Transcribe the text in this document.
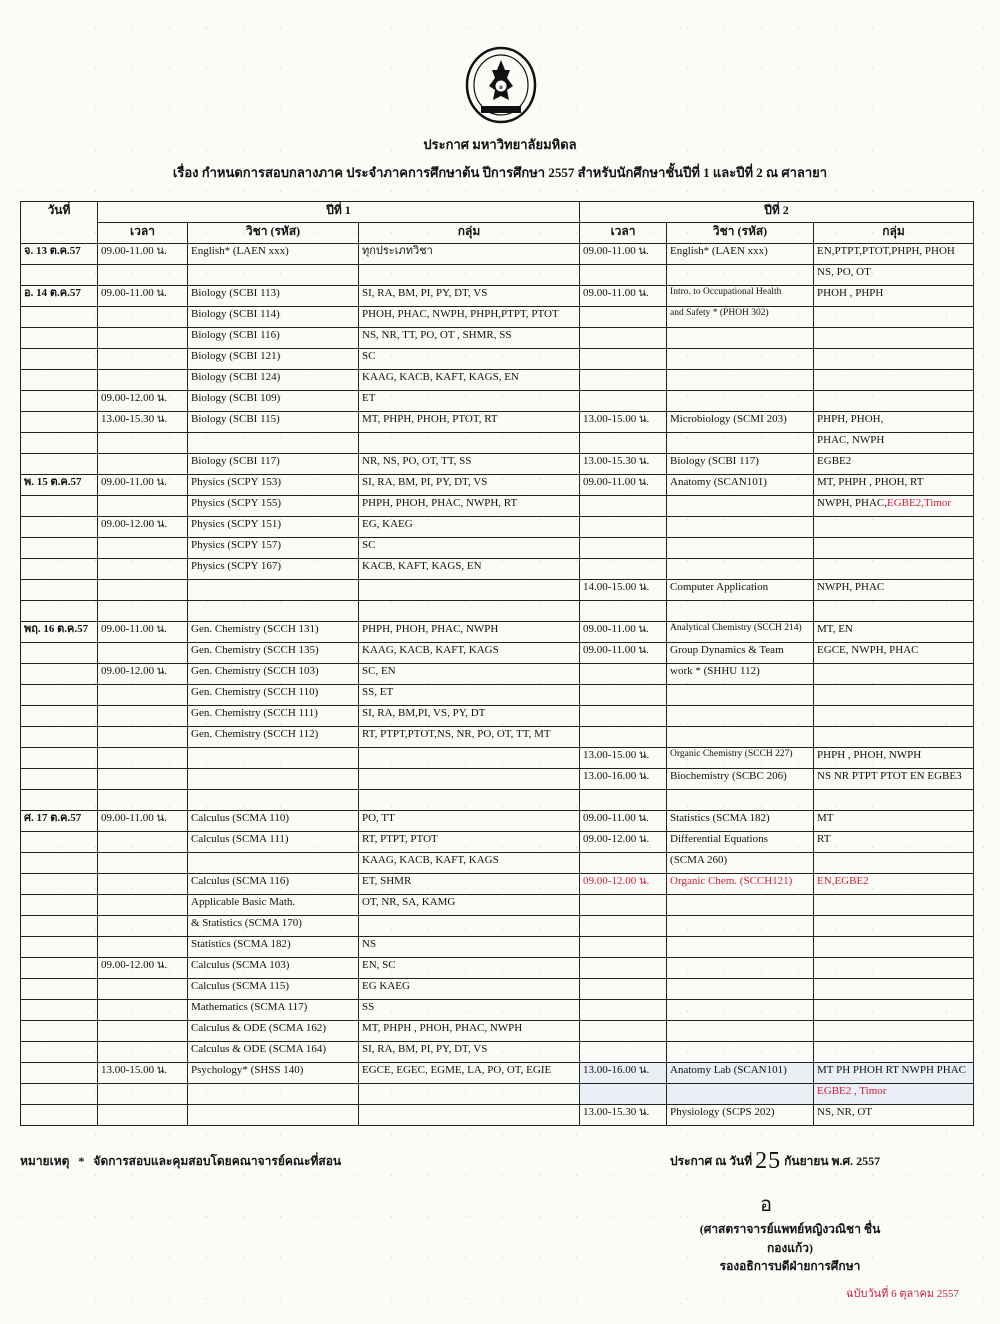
๑
ประกาศ มหาวิทยาลัยมหิดล
เรื่อง กำหนดการสอบกลางภาค ประจำภาคการศึกษาต้น ปีการศึกษา 2557 สำหรับนักศึกษาชั้นปีที่ 1 และปีที่ 2 ณ ศาลายา
วันที่	ปีที่ 1			ปีที่ 2		
	เวลา	วิชา (รหัส)	กลุ่ม	เวลา	วิชา (รหัส)	กลุ่ม
จ. 13 ต.ค.57	09.00-11.00 น.	English* (LAEN xxx)	ทุกประเภทวิชา	09.00-11.00 น.	English* (LAEN xxx)	EN,PTPT,PTOT,PHPH, PHOH
						NS, PO, OT
อ. 14 ต.ค.57	09.00-11.00 น.	Biology (SCBI 113)	SI, RA, BM, PI, PY, DT, VS	09.00-11.00 น.	Intro. to Occupational Health	PHOH , PHPH
		Biology (SCBI 114)	PHOH, PHAC, NWPH, PHPH,PTPT, PTOT		and Safety * (PHOH 302)	
		Biology (SCBI 116)	NS, NR, TT, PO, OT , SHMR, SS			
		Biology (SCBI 121)	SC			
		Biology (SCBI 124)	KAAG, KACB, KAFT, KAGS, EN			
	09.00-12.00 น.	Biology (SCBI 109)	ET			
	13.00-15.30 น.	Biology (SCBI 115)	MT, PHPH, PHOH, PTOT, RT	13.00-15.00 น.	Microbiology (SCMI 203)	PHPH, PHOH,
						PHAC, NWPH
		Biology (SCBI 117)	NR, NS, PO, OT, TT, SS	13.00-15.30 น.	Biology (SCBI 117)	EGBE2
พ. 15 ต.ค.57	09.00-11.00 น.	Physics (SCPY 153)	SI, RA, BM, PI, PY, DT, VS	09.00-11.00 น.	Anatomy (SCAN101)	MT, PHPH , PHOH, RT
		Physics (SCPY 155)	PHPH, PHOH, PHAC, NWPH, RT			NWPH, PHAC,EGBE2,Timor
	09.00-12.00 น.	Physics (SCPY 151)	EG, KAEG			
		Physics (SCPY 157)	SC			
		Physics (SCPY 167)	KACB, KAFT, KAGS, EN			
				14.00-15.00 น.	Computer Application	NWPH, PHAC

พฤ. 16 ต.ค.57	09.00-11.00 น.	Gen. Chemistry (SCCH 131)	PHPH, PHOH, PHAC, NWPH	09.00-11.00 น.	Analytical Chemistry (SCCH 214)	MT, EN
		Gen. Chemistry (SCCH 135)	KAAG, KACB, KAFT, KAGS	09.00-11.00 น.	Group Dynamics & Team	EGCE, NWPH, PHAC
	09.00-12.00 น.	Gen. Chemistry (SCCH 103)	SC, EN		work * (SHHU 112)	
		Gen. Chemistry (SCCH 110)	SS, ET			
		Gen. Chemistry (SCCH 111)	SI, RA, BM,PI, VS, PY, DT			
		Gen. Chemistry (SCCH 112)	RT, PTPT,PTOT,NS, NR, PO, OT, TT, MT			
				13.00-15.00 น.	Organic Chemistry (SCCH 227)	PHPH , PHOH, NWPH
				13.00-16.00 น.	Biochemistry (SCBC 206)	NS NR PTPT PTOT EN EGBE3

ศ. 17 ต.ค.57	09.00-11.00 น.	Calculus (SCMA 110)	PO, TT	09.00-11.00 น.	Statistics (SCMA 182)	MT
		Calculus (SCMA 111)	RT, PTPT, PTOT	09.00-12.00 น.	Differential Equations	RT
			KAAG, KACB, KAFT, KAGS		(SCMA 260)	
		Calculus (SCMA 116)	ET, SHMR	09.00-12.00 น.	Organic Chem. (SCCH121)	EN,EGBE2
		Applicable Basic Math.	OT, NR, SA, KAMG			
		& Statistics (SCMA 170)				
		Statistics (SCMA 182)	NS			
	09.00-12.00 น.	Calculus (SCMA 103)	EN, SC			
		Calculus (SCMA 115)	EG KAEG			
		Mathematics (SCMA 117)	SS			
		Calculus & ODE (SCMA 162)	MT, PHPH , PHOH, PHAC, NWPH			
		Calculus & ODE (SCMA 164)	SI, RA, BM, PI, PY, DT, VS			
	13.00-15.00 น.	Psychology* (SHSS 140)	EGCE, EGEC, EGME, LA, PO, OT, EGIE	13.00-16.00 น.	Anatomy Lab (SCAN101)	MT PH PHOH RT NWPH PHAC
						EGBE2 , Timor
				13.00-15.30 น.	Physiology (SCPS 202)	NS, NR, OT
หมายเหตุ * จัดการสอบและคุมสอบโดยคณาจารย์คณะที่สอน	ประกาศ ณ วันที่ 25 กันยายน พ.ศ. 2557
อ
(ศาสตราจารย์แพทย์หญิงวณิชา ชื่นกองแก้ว)
รองอธิการบดีฝ่ายการศึกษา
ฉบับวันที่ 6 ตุลาคม 2557
